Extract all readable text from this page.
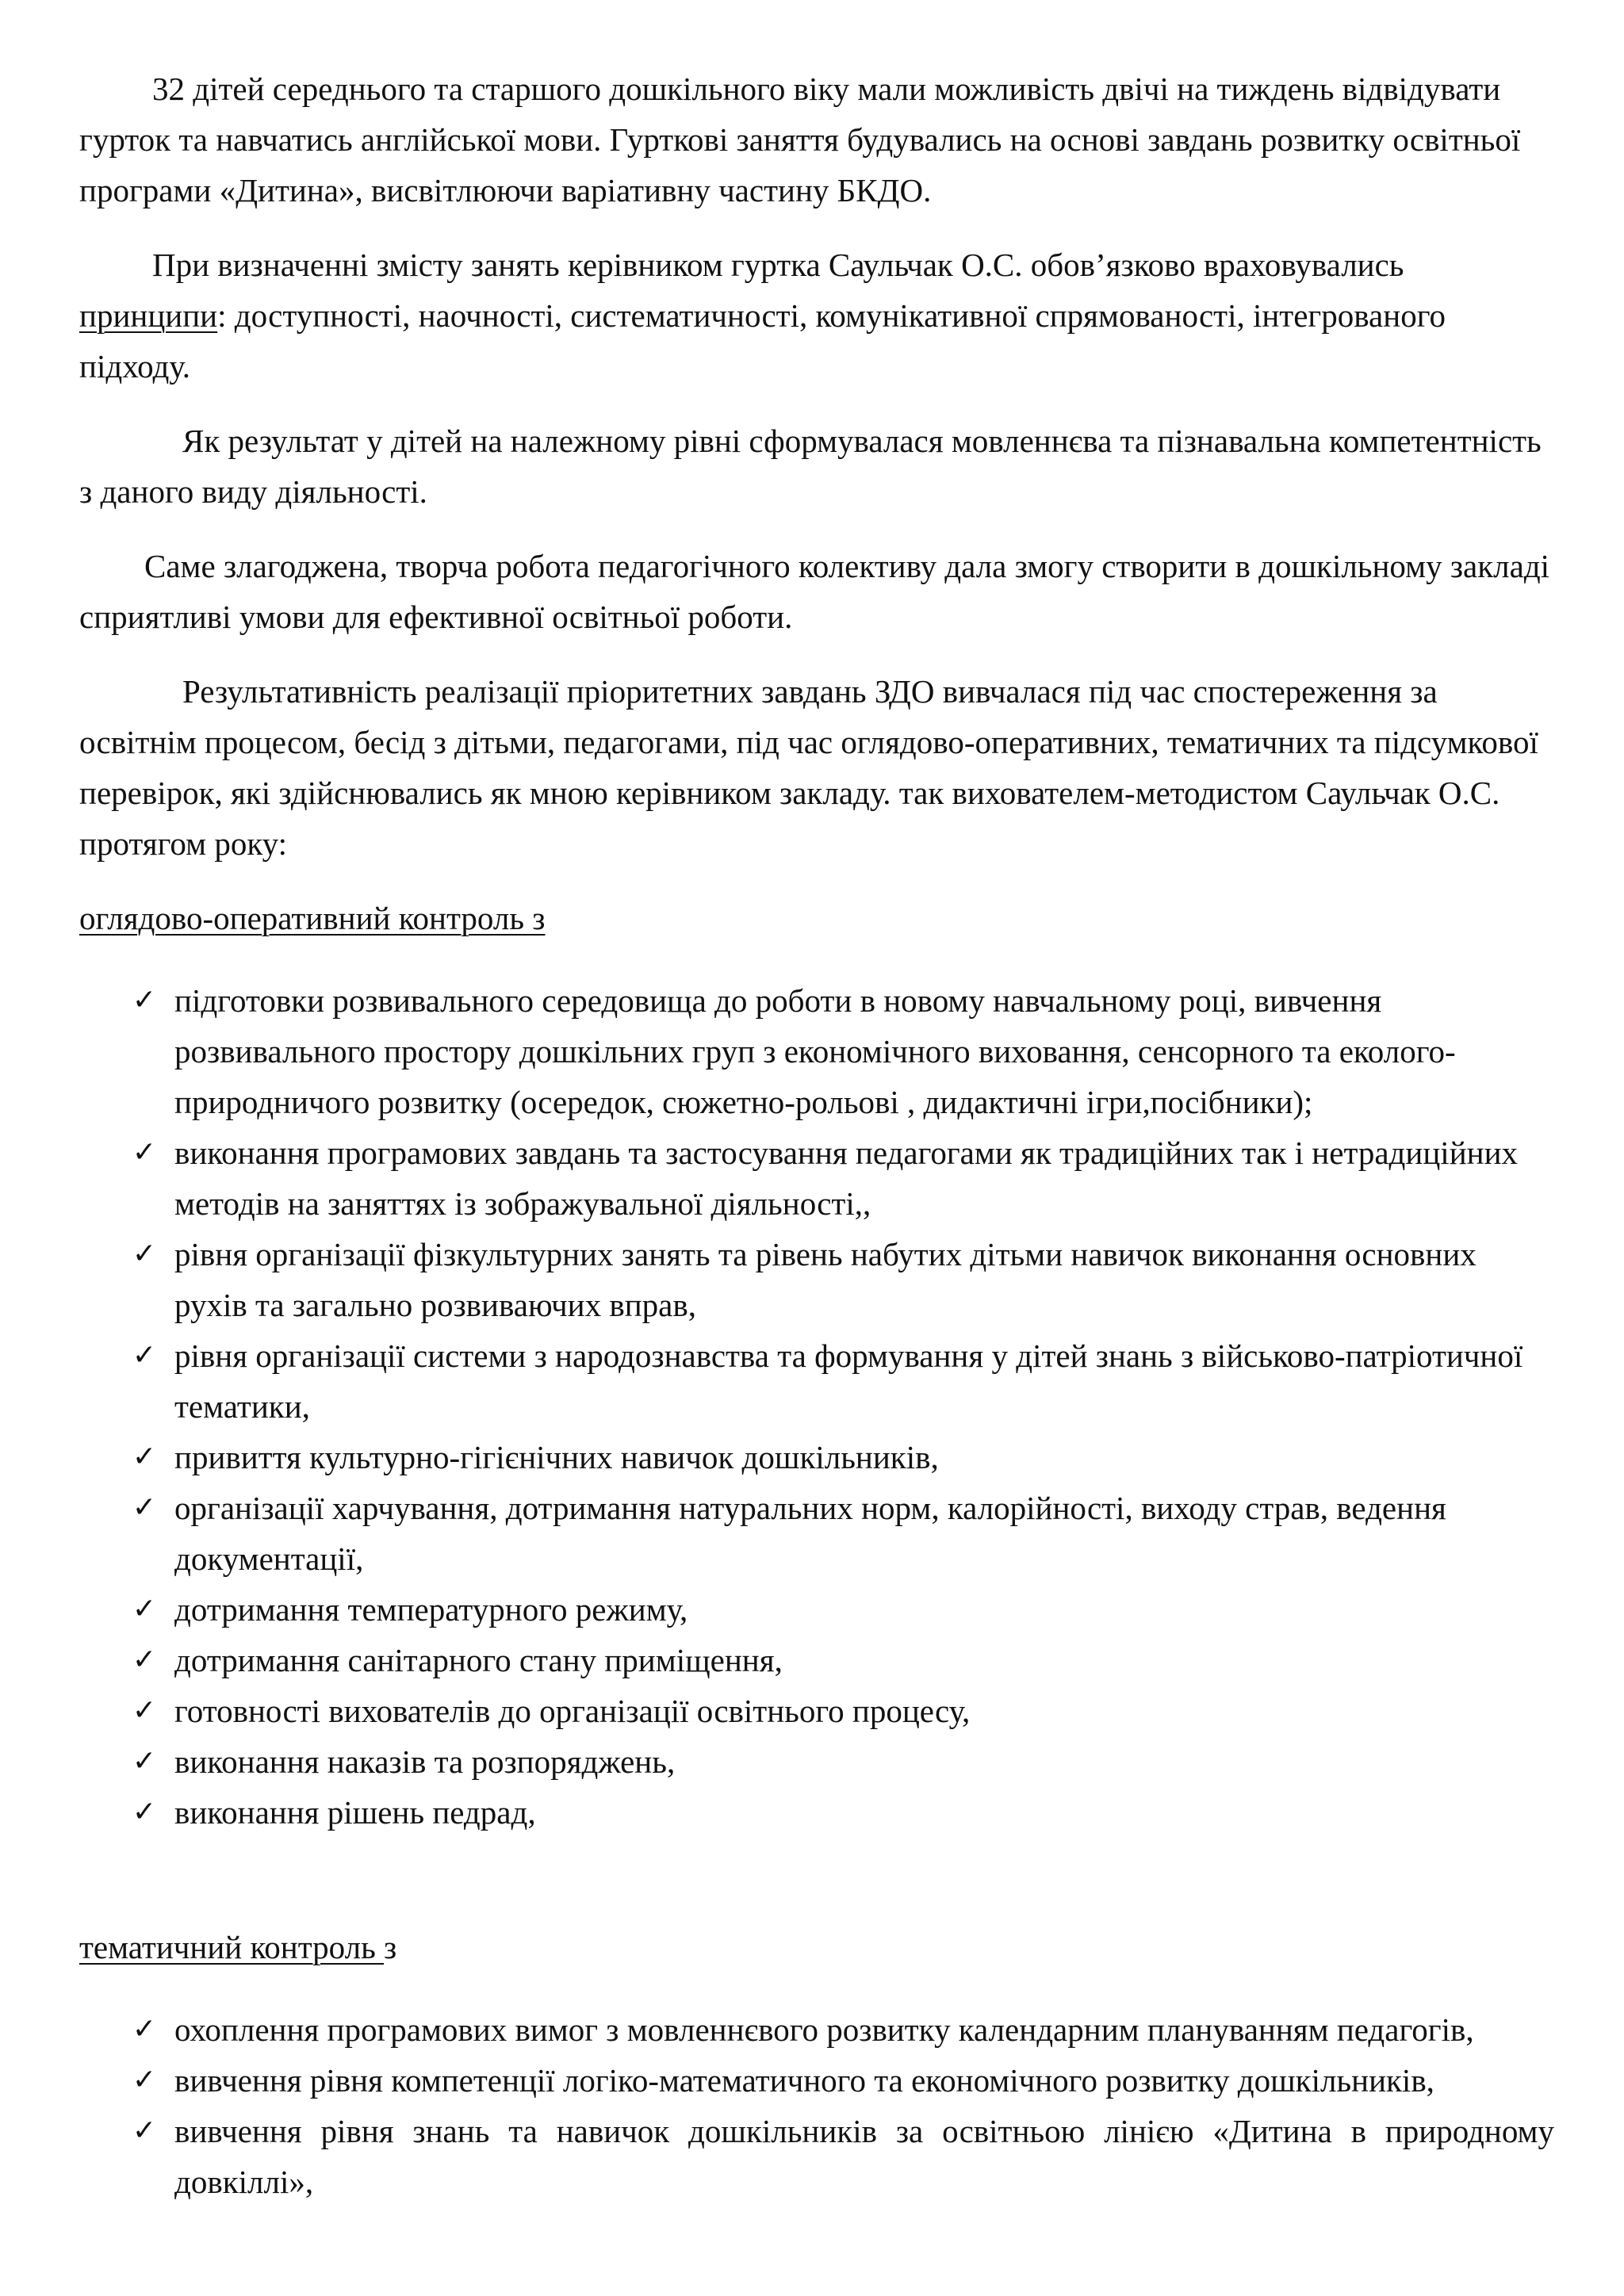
32 дітей середнього та старшого дошкільного віку мали можливість двічі на тиждень відвідувати гурток та навчатись англійської мови. Гурткові заняття будувались на основі завдань розвитку освітньої програми «Дитина», висвітлюючи варіативну частину БКДО.

При визначенні змісту занять керівником гуртка Саульчак О.С. обов’язково враховувались принципи: доступності, наочності, систематичності, комунікативної спрямованості, інтегрованого підходу.

Як результат у дітей на належному рівні сформувалася мовленнєва та пізнавальна компетентність з даного виду діяльності.

Саме злагоджена, творча робота педагогічного колективу дала змогу створити в дошкільному закладі сприятливі умови для ефективної освітньої роботи.

Результативність реалізації пріоритетних завдань ЗДО вивчалася під час спостереження за освітнім процесом, бесід з дітьми, педагогами, під час оглядово-оперативних, тематичних та підсумкової перевірок, які здійснювались як мною керівником закладу. так вихователем-методистом Саульчак О.С. протягом року:

оглядово-оперативний контроль з

✓ підготовки розвивального середовища до роботи в новому навчальному році, вивчення розвивального простору дошкільних груп з економічного виховання, сенсорного та еколого-природничого розвитку (осередок, сюжетно-рольові , дидактичні ігри,посібники);
✓ виконання програмових завдань та застосування педагогами як традиційних так і нетрадиційних методів на заняттях із зображувальної діяльності,,
✓ рівня організації фізкультурних занять та рівень набутих дітьми навичок виконання основних рухів та загально розвиваючих вправ,
✓ рівня організації системи з народознавства та формування у дітей знань з військово-патріотичної тематики,
✓ привиття культурно-гігієнічних навичок дошкільників,
✓ організації харчування, дотримання натуральних норм, калорійності, виходу страв, ведення документації,
✓ дотримання температурного режиму,
✓ дотримання санітарного стану приміщення,
✓ готовності вихователів до організації освітнього процесу,
✓ виконання наказів та розпоряджень,
✓ виконання рішень педрад,

тематичний контроль з

✓ охоплення програмових вимог з мовленнєвого розвитку календарним плануванням педагогів,
✓ вивчення рівня компетенції логіко-математичного та економічного розвитку дошкільників,
✓ вивчення рівня знань та навичок дошкільників за освітньою лінією «Дитина в природному довкіллі»,
